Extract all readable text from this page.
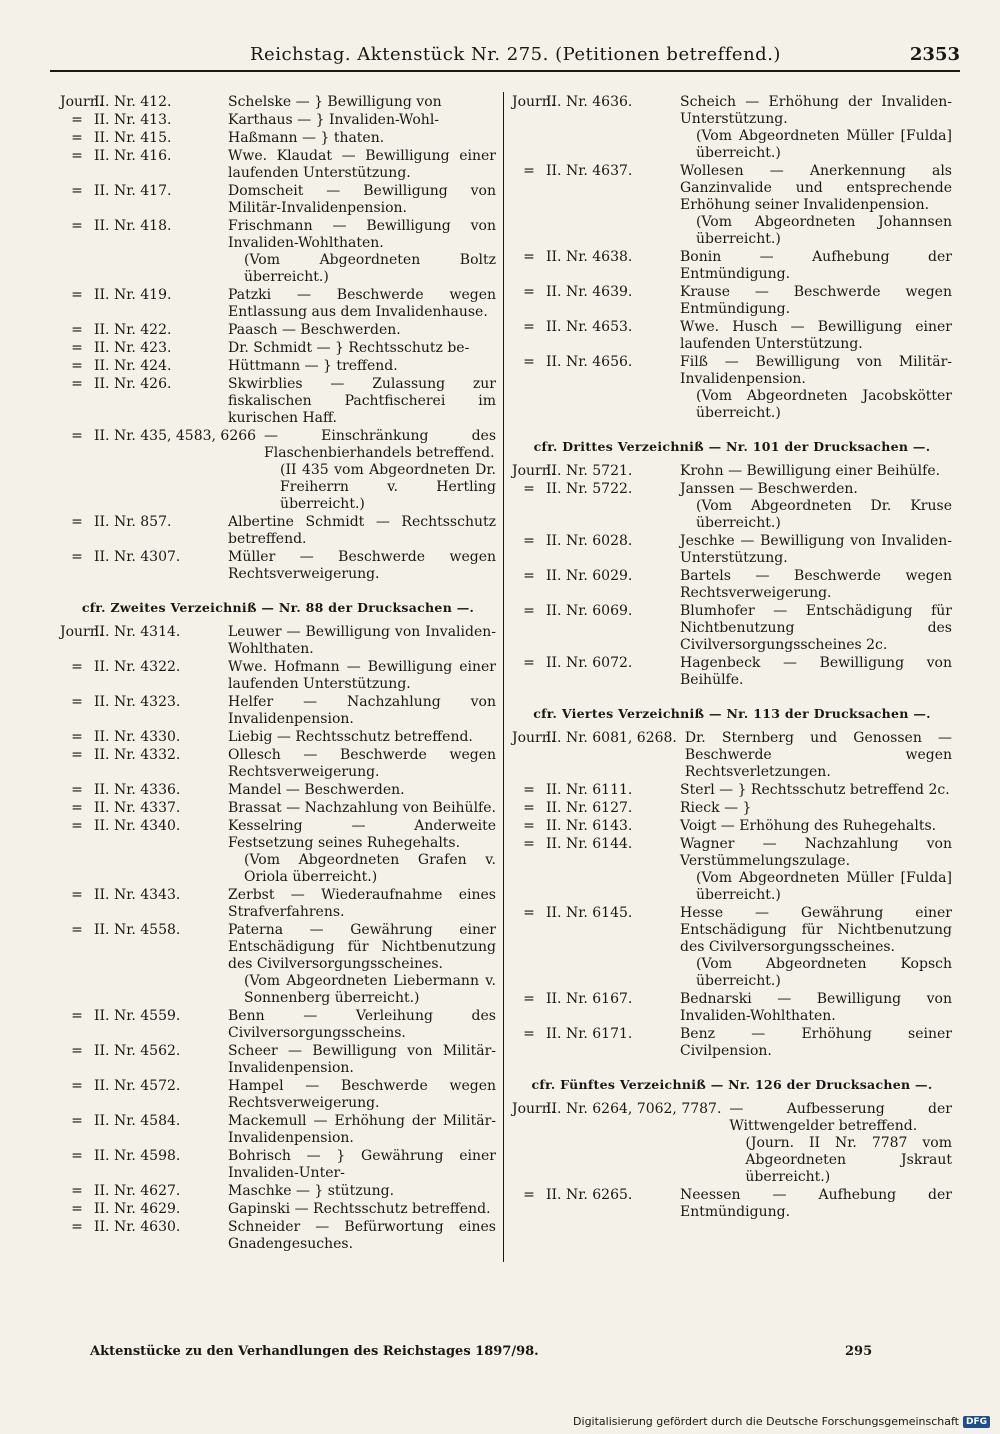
Reichstag. Aktenstück Nr. 275. (Petitionen betreffend.)	2353
Journ.
II. Nr. 412.	Schelske — } Bewilligung von
= II. Nr. 413.	Karthaus — } Invaliden-Wohl-
= II. Nr. 415.	Haßmann — } thaten.
= II. Nr. 416.	Wwe. Klaudat — Bewilligung einer laufenden Unterstützung.
= II. Nr. 417.	Domscheit — Bewilligung von Militär-Invalidenpension.
= II. Nr. 418.	Frischmann — Bewilligung von Invaliden-Wohlthaten.
(Vom Abgeordneten Boltz überreicht.)
= II. Nr. 419.	Patzki — Beschwerde wegen Entlassung aus dem Invalidenhause.
= II. Nr. 422.	Paasch — Beschwerden.
= II. Nr. 423.	Dr. Schmidt — } Rechtsschutz be-
= II. Nr. 424.	Hüttmann — } treffend.
= II. Nr. 426.	Skwirblies — Zulassung zur fiskalischen Pachtfischerei im kurischen Haff.
= II. Nr. 435, 4583, 6266 — Einschränkung des Flaschenbierhandels betreffend.
(II 435 vom Abgeordneten Dr. Freiherrn v. Hertling überreicht.)
= II. Nr. 857.	Albertine Schmidt — Rechtsschutz betreffend.
= II. Nr. 4307.	Müller — Beschwerde wegen Rechtsverweigerung.
cfr. Zweites Verzeichniß — Nr. 88 der Drucksachen —.
Journ.
II. Nr. 4314.	Leuwer — Bewilligung von Invaliden-Wohlthaten.
= II. Nr. 4322.	Wwe. Hofmann — Bewilligung einer laufenden Unterstützung.
= II. Nr. 4323.	Helfer — Nachzahlung von Invalidenpension.
= II. Nr. 4330.	Liebig — Rechtsschutz betreffend.
= II. Nr. 4332.	Ollesch — Beschwerde wegen Rechtsverweigerung.
= II. Nr. 4336.	Mandel — Beschwerden.
= II. Nr. 4337.	Brassat — Nachzahlung von Beihülfe.
= II. Nr. 4340.	Kesselring — Anderweite Festsetzung seines Ruhegehalts.
(Vom Abgeordneten Grafen v. Oriola überreicht.)
= II. Nr. 4343.	Zerbst — Wiederaufnahme eines Strafverfahrens.
= II. Nr. 4558.	Paterna — Gewährung einer Entschädigung für Nichtbenutzung des Civilversorgungsscheines.
(Vom Abgeordneten Liebermann v. Sonnenberg überreicht.)
= II. Nr. 4559.	Benn — Verleihung des Civilversorgungsscheins.
= II. Nr. 4562.	Scheer — Bewilligung von Militär-Invalidenpension.
= II. Nr. 4572.	Hampel — Beschwerde wegen Rechtsverweigerung.
= II. Nr. 4584.	Mackemull — Erhöhung der Militär-Invalidenpension.
= II. Nr. 4598.	Bohrisch — } Gewährung einer Invaliden-Unter-
= II. Nr. 4627.	Maschke — } stützung.
= II. Nr. 4629.	Gapinski — Rechtsschutz betreffend.
= II. Nr. 4630.	Schneider — Befürwortung eines Gnadengesuches.
Journ.
II. Nr. 4636.	Scheich — Erhöhung der Invaliden-Unterstützung.
(Vom Abgeordneten Müller [Fulda] überreicht.)
= II. Nr. 4637.	Wollesen — Anerkennung als Ganzinvalide und entsprechende Erhöhung seiner Invalidenpension.
(Vom Abgeordneten Johannsen überreicht.)
= II. Nr. 4638.	Bonin — Aufhebung der Entmündigung.
= II. Nr. 4639.	Krause — Beschwerde wegen Entmündigung.
= II. Nr. 4653.	Wwe. Husch — Bewilligung einer laufenden Unterstützung.
= II. Nr. 4656.	Filß — Bewilligung von Militär-Invalidenpension.
(Vom Abgeordneten Jacobskötter überreicht.)
cfr. Drittes Verzeichniß — Nr. 101 der Drucksachen —.
Journ.
II. Nr. 5721.	Krohn — Bewilligung einer Beihülfe.
= II. Nr. 5722.	Janssen — Beschwerden.
(Vom Abgeordneten Dr. Kruse überreicht.)
= II. Nr. 6028.	Jeschke — Bewilligung von Invaliden-Unterstützung.
= II. Nr. 6029.	Bartels — Beschwerde wegen Rechtsverweigerung.
= II. Nr. 6069.	Blumhofer — Entschädigung für Nichtbenutzung des Civilversorgungsscheines 2c.
= II. Nr. 6072.	Hagenbeck — Bewilligung von Beihülfe.
cfr. Viertes Verzeichniß — Nr. 113 der Drucksachen —.
Journ.
II. Nr. 6081, 6268. Dr. Sternberg und Genossen — Beschwerde wegen Rechtsverletzungen.
= II. Nr. 6111.	Sterl — } Rechtsschutz betreffend 2c.
= II. Nr. 6127.	Rieck — }
= II. Nr. 6143.	Voigt — Erhöhung des Ruhegehalts.
= II. Nr. 6144.	Wagner — Nachzahlung von Verstümmelungszulage.
(Vom Abgeordneten Müller [Fulda] überreicht.)
= II. Nr. 6145.	Hesse — Gewährung einer Entschädigung für Nichtbenutzung des Civilversorgungsscheines.
(Vom Abgeordneten Kopsch überreicht.)
= II. Nr. 6167.	Bednarski — Bewilligung von Invaliden-Wohlthaten.
= II. Nr. 6171.	Benz — Erhöhung seiner Civilpension.
cfr. Fünftes Verzeichniß — Nr. 126 der Drucksachen —.
Journ.
II. Nr. 6264, 7062, 7787. — Aufbesserung der Wittwengelder betreffend.
(Journ. II Nr. 7787 vom Abgeordneten Jskraut überreicht.)
= II. Nr. 6265.	Neessen — Aufhebung der Entmündigung.
Aktenstücke zu den Verhandlungen des Reichstages 1897/98.	295
Digitalisierung gefördert durch die Deutsche Forschungsgemeinschaft DFG
